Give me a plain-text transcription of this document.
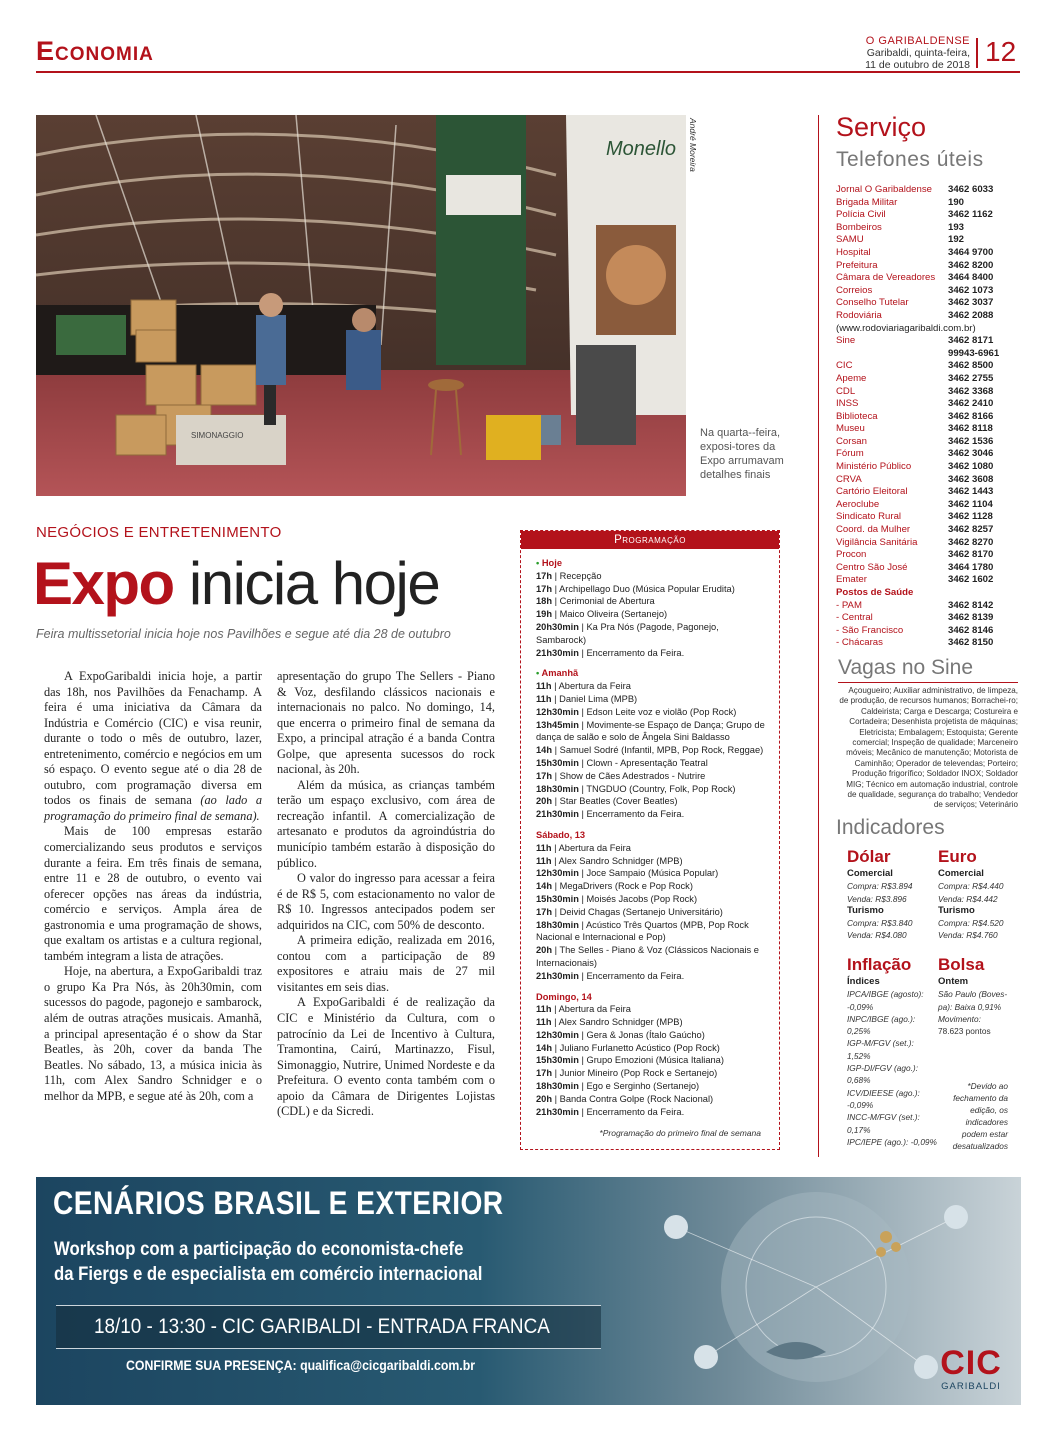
Economia	O GARIBALDENSE
Garibaldi, quinta-feira,
11 de outubro de 2018 12
Monello
SIMONAGGIO
André Moreira
Na quarta--feira, exposi-tores da Expo arrumavam detalhes finais
NEGÓCIOS E ENTRETENIMENTO
Expo inicia hoje
Feira multissetorial inicia hoje nos Pavilhões e segue até dia 28 de outubro

A ExpoGaribaldi inicia hoje, a partir das 18h, nos Pavilhões da Fenachamp. A feira é uma iniciativa da Câmara da Indústria e Comércio (CIC) e visa reunir, durante o todo o mês de outubro, lazer, entretenimento, comércio e negócios em um só espaço. O evento segue até o dia 28 de outubro, com programação diversa em todos os finais de semana (ao lado a programação do primeiro final de semana).

Mais de 100 empresas estarão comercializando seus produtos e serviços durante a feira. Em três finais de semana, entre 11 e 28 de outubro, o evento vai oferecer opções nas áreas da indústria, comércio e serviços. Ampla área de gastronomia e uma programação de shows, que exaltam os artistas e a cultura regional, também integram a lista de atrações.

Hoje, na abertura, a ExpoGaribaldi traz o grupo Ka Pra Nós, às 20h30min, com sucessos do pagode, pagonejo e sambarock, além de outras atrações musicais. Amanhã, a principal apresentação é o show da Star Beatles, às 20h, cover da banda The Beatles. No sábado, 13, a música inicia às 11h, com Alex Sandro Schnidger e o melhor da MPB, e segue até às 20h, com a

apresentação do grupo The Sellers - Piano & Voz, desfilando clássicos nacionais e internacionais no palco. No domingo, 14, que encerra o primeiro final de semana da Expo, a principal atração é a banda Contra Golpe, que apresenta sucessos do rock nacional, às 20h.

Além da música, as crianças também terão um espaço exclusivo, com área de recreação infantil. A comercialização de artesanato e produtos da agroindústria do município também estarão à disposição do público.

O valor do ingresso para acessar a feira é de R$ 5, com estacionamento no valor de R$ 10. Ingressos antecipados podem ser adquiridos na CIC, com 50% de desconto.

A primeira edição, realizada em 2016, contou com a participação de 89 expositores e atraiu mais de 27 mil visitantes em seis dias.

A ExpoGaribaldi é de realização da CIC e Ministério da Cultura, com o patrocínio da Lei de Incentivo à Cultura, Tramontina, Cairú, Martinazzo, Fisul, Simonaggio, Nutrire, Unimed Nordeste e da Prefeitura. O evento conta também com o apoio da Câmara de Dirigentes Lojistas (CDL) e da Sicredi.

Programação
• Hoje
17h | Recepção
17h | Archipellago Duo (Música Popular Erudita)
18h | Cerimonial de Abertura
19h | Maico Oliveira (Sertanejo)
20h30min | Ka Pra Nós (Pagode, Pagonejo, Sambarock)
21h30min | Encerramento da Feira.
• Amanhã
11h | Abertura da Feira
11h | Daniel Lima (MPB)
12h30min | Edson Leite voz e violão (Pop Rock)
13h45min | Movimente-se Espaço de Dança; Grupo de dança de salão e solo de Ângela Sini Baldasso
14h | Samuel Sodré (Infantil, MPB, Pop Rock, Reggae)
15h30min | Clown - Apresentação Teatral
17h | Show de Cães Adestrados - Nutrire
18h30min | TNGDUO (Country, Folk, Pop Rock)
20h | Star Beatles (Cover Beatles)
21h30min | Encerramento da Feira.
Sábado, 13
11h | Abertura da Feira
11h | Alex Sandro Schnidger (MPB)
12h30min | Joce Sampaio (Música Popular)
14h | MegaDrivers (Rock e Pop Rock)
15h30min | Moisés Jacobs (Pop Rock)
17h | Deivid Chagas (Sertanejo Universitário)
18h30min | Acústico Três Quartos (MPB, Pop Rock Nacional e Internacional e Pop)
20h | The Selles - Piano & Voz (Clássicos Nacionais e Internacionais)
21h30min | Encerramento da Feira.
Domingo, 14
11h | Abertura da Feira
11h | Alex Sandro Schnidger (MPB)
12h30min | Gera & Jonas (Ítalo Gaúcho)
14h | Juliano Furlanetto Acústico (Pop Rock)
15h30min | Grupo Emozioni (Música Italiana)
17h | Junior Mineiro (Pop Rock e Sertanejo)
18h30min | Ego e Serginho (Sertanejo)
20h | Banda Contra Golpe (Rock Nacional)
21h30min | Encerramento da Feira.
*Programação do primeiro final de semana
Serviço
Telefones úteis
Jornal O Garibaldense	3462 6033
Brigada Militar	190
Polícia Civil	3462 1162
Bombeiros	193
SAMU	192
Hospital	3464 9700
Prefeitura	3462 8200
Câmara de Vereadores	3464 8400
Correios	3462 1073
Conselho Tutelar	3462 3037
Rodoviária	3462 2088
(www.rodoviariagaribaldi.com.br)
Sine	3462 8171
99943-6961
CIC	3462 8500
Apeme	3462 2755
CDL	3462 3368
INSS	3462 2410
Biblioteca	3462 8166
Museu	3462 8118
Corsan	3462 1536
Fórum	3462 3046
Ministério Público	3462 1080
CRVA	3462 3608
Cartório Eleitoral	3462 1443
Aeroclube	3462 1104
Sindicato Rural	3462 1128
Coord. da Mulher	3462 8257
Vigilância Sanitária	3462 8270
Procon	3462 8170
Centro São José	3464 1780
Emater	3462 1602
Postos de Saúde
- PAM	3462 8142
- Central	3462 8139
- São Francisco	3462 8146
- Chácaras	3462 8150
Vagas no Sine
Açougueiro; Auxiliar administrativo, de limpeza, de produção, de recursos humanos; Borrachei-ro; Caldeirista; Carga e Descarga; Costureira e Cortadeira; Desenhista projetista de máquinas; Eletricista; Embalagem; Estoquista; Gerente comercial; Inspeção de qualidade; Marceneiro móveis; Mecânico de manutenção; Motorista de Caminhão; Operador de televendas; Porteiro; Produção frigorífico; Soldador INOX; Soldador MIG; Técnico em automação industrial, controle de qualidade, segurança do trabalho; Vendedor de serviços; Veterinário
Indicadores
Dólar
Comercial
Compra: R$3.894
Venda: R$3.896
Turismo
Compra: R$3.840
Venda: R$4.080
Euro
Comercial
Compra: R$4.440
Venda: R$4.442
Turismo
Compra: R$4.520
Venda: R$4.760
Inflação
Índices
IPCA/IBGE (agosto):
-0,09%
INPC/IBGE (ago.):
0,25%
IGP-M/FGV (set.):
1,52%
IGP-DI/FGV (ago.):
0,68%
ICV/DIEESE (ago.):
-0,09%
INCC-M/FGV (set.):
0,17%
IPC/IEPE (ago.): -0,09%
Bolsa
Ontem
São Paulo (Boves-
pa): Baixa 0,91%
Movimento:
78.623 pontos
*Devido ao fechamento da edição, os indicadores podem estar desatualizados
CENÁRIOS BRASIL E EXTERIOR
Workshop com a participação do economista-chefe
da Fiergs e de especialista em comércio internacional
18/10 - 13:30 - CIC GARIBALDI - ENTRADA FRANCA
CONFIRME SUA PRESENÇA: qualifica@cicgaribaldi.com.br	CIC
GARIBALDI
